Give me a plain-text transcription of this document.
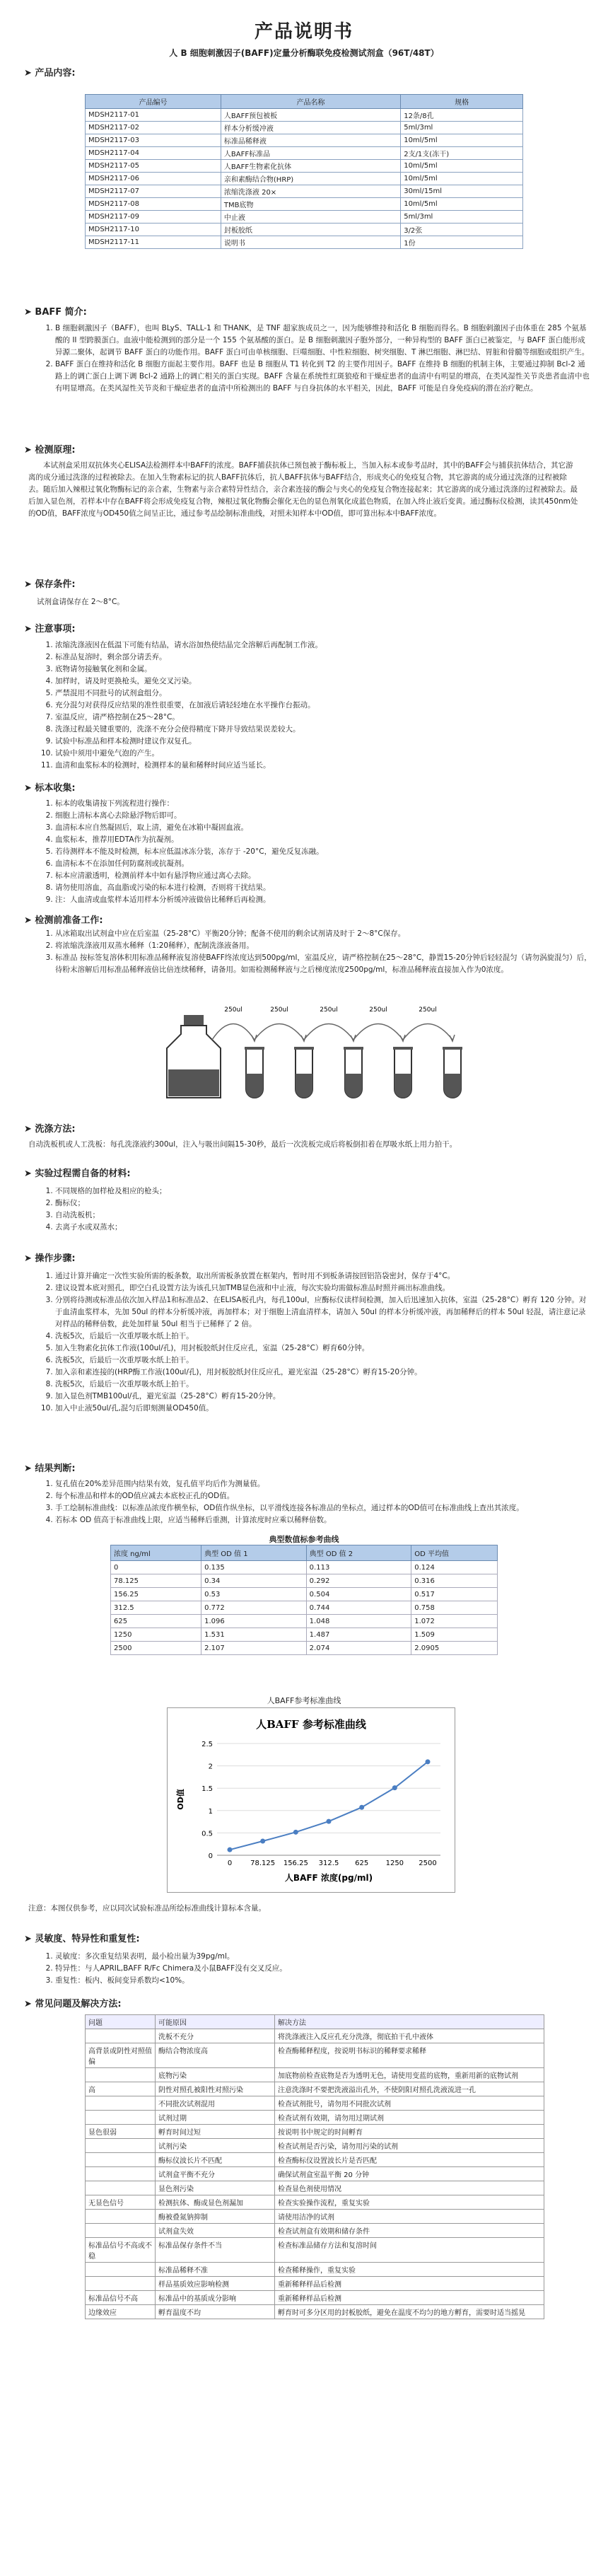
产品说明书
人 B 细胞刺激因子(BAFF)定量分析酶联免疫检测试剂盒（96T/48T）
➤ 产品内容:
产品编号	产品名称	规格
MDSH2117-01	人BAFF预包被板	12条/8孔
MDSH2117-02	样本分析缓冲液	5ml/3ml
MDSH2117-03	标准品稀释液	10ml/5ml
MDSH2117-04	人BAFF标准品	2支/1支(冻干)
MDSH2117-05	人BAFF生物素化抗体	10ml/5ml
MDSH2117-06	亲和素酶结合物(HRP)	10ml/5ml
MDSH2117-07	浓缩洗涤液 20×	30ml/15ml
MDSH2117-08	TMB底物	10ml/5ml
MDSH2117-09	中止液	5ml/3ml
MDSH2117-10	封板胶纸	3/2张
MDSH2117-11	说明书	1份
➤ BAFF 简介:
1. B 细胞刺激因子（BAFF），也叫 BLyS、TALL-1 和 THANK，是 TNF 超家族成员之一，因为能够维持和活化 B 细胞而得名。B 细胞刺激因子由体重在 285 个氨基酸的 II 型跨膜蛋白。血液中能检测到的部分是一个 155 个氨基酸的蛋白。是 B 细胞刺激因子胞外部分，一种异构型的 BAFF 蛋白已被鉴定，与 BAFF 蛋白能形成异源二聚体，起调节 BAFF 蛋白的功能作用。BAFF 蛋白可由单核细胞、巨噬细胞、中性粒细胞、树突细胞、T 淋巴细胞、淋巴结、胃脏和骨髓等细胞或组织产生。
2. BAFF 蛋白在维持和活化 B 细胞方面起主要作用。BAFF 也是 B 细胞从 T1 转化到 T2 的主要作用因子。BAFF 在维持 B 细胞的机制主体，主要通过抑制 Bcl-2 通路上的调亡蛋白上调下调 Bcl-2 通路上的调亡相关的蛋白实现。BAFF 含量在系统性红斑狼疮和干燥症患者的血清中有明显的增高，在类风湿性关节炎患者血清中也有明显增高。在类风湿性关节炎和干燥症患者的血清中所检测出的 BAFF 与自身抗体的水平相关，因此，BAFF 可能是自身免疫病的潜在治疗靶点。
➤ 检测原理:
本试剂盒采用双抗体夹心ELISA法检测样本中BAFF的浓度。BAFF捕获抗体已预包被于酶标板上，当加入标本或参考品时，其中的BAFF会与捕获抗体结合，其它游离的成分通过洗涤的过程被除去。在加入生物素标记的抗人BAFF抗体后，抗人BAFF抗体与BAFF结合，形成夹心的免疫复合物，其它游离的成分通过洗涤的过程被除去。随后加入辣根过氧化物酶标记的亲合素，生物素与亲合素特异性结合，亲合素连接的酶会与夹心的免疫复合物连接起来；其它游离的成分通过洗涤的过程被除去。最后加入显色剂，若样本中存在BAFF将会形成免疫复合物，辣根过氧化物酶会催化无色的显色剂氧化成蓝色物质，在加入终止液后变黄。通过酶标仪检测，读其450nm处的OD值，BAFF浓度与OD450值之间呈正比，通过参考品绘制标准曲线，对照未知样本中OD值，即可算出标本中BAFF浓度。
➤ 保存条件:
试剂盒请保存在 2～8°C。
➤ 注意事项:
1. 浓缩洗涤液因在低温下可能有结晶，请水浴加热使结晶完全溶解后再配制工作液。
2. 标准品复溶时，剩余部分请丢弃。
3. 底物请勿接触氧化剂和金属。
4. 加样时，请及时更换枪头，避免交叉污染。
5. 严禁混用不同批号的试剂盒组分。
6. 充分混匀对获得反应结果的准性很重要，在加液后请轻轻地在水平操作台振动。
7. 室温反应，请严格控制在25～28°C。
8. 洗涤过程最关键重要的，洗涤不充分会使得精度下降并导致结果误差较大。
9. 试验中标准品和样本检测时建议作双复孔。
10. 试验中须用中避免气泡的产生。
11. 血清和血浆标本的检测时，检测样本的量和稀释时间应适当延长。
➤ 标本收集:
1. 标本的收集请按下列流程进行操作：
2. 细胞上清标本离心去除悬浮物后即可。
3. 血清标本应自然凝固后，取上清，避免在冰箱中凝固血液。
4. 血浆标本，推荐用EDTA作为抗凝剂。
5. 若待测样本不能及时检测，标本应低温冰冻分装，冻存于 -20°C，避免反复冻融。
6. 血清标本不在添加任何防腐剂或抗凝剂。
7. 标本应清澈透明，检测前样本中如有悬浮物应通过离心去除。
8. 请勿使用溶血，高血脂或污染的标本进行检测，否则将干扰结果。
9. 注：人血清或血浆样本适用样本分析缓冲液做倍比稀释后再检测。
➤ 检测前准备工作:
1. 从冰箱取出试剂盒中应在后室温（25-28°C）平衡20分钟；配备不使用的剩余试剂请及时于 2～8°C保存。
2. 将浓缩洗涤液用双蒸水稀释（1:20稀释），配制洗涤液备用。
3. 标准品 按标签复溶体积用标准品稀释液复溶使BAFF终浓度达到500pg/ml，室温反应，请严格控制在25～28°C，静置15-20分钟后轻轻混匀（请勿涡旋混匀）后，待粉末溶解后用标准品稀释液倍比倍连续稀释，请备用。如需检测稀释液与之后梯度浓度2500pg/ml，标准品稀释液直接加入作为0浓度。
250ul	250ul	250ul	250ul	250ul
➤ 洗涤方法:
自动洗板机或人工洗板：每孔洗涤液约300ul，注入与吸出间隔15-30秒，最后一次洗板完成后将板倒扣着在厚吸水纸上用力拍干。
➤ 实验过程需自备的材料:
1. 不同规格的加样枪及相应的枪头；
2. 酶标仪；
3. 自动洗板机；
4. 去离子水或双蒸水；
➤ 操作步骤:
1. 通过计算并确定一次性实验所需的板条数，取出所需板条放置在框架内，暂时用不到板条请按回铝箔袋密封，保存于4°C。
2. 建议设置本底对照孔，即空白孔设置方法为该孔只加TMB显色液和中止液，每次实验均需做标准品时照并画出标准曲线。
3. 分别将待测或标准品依次加入样品1和标准品2、在ELISA板孔内，每孔100ul，应酶标仪读样间检测，加入后迅速加入抗体，室温（25-28°C）孵育 120 分钟。对于血清血浆样本，先加 50ul 的样本分析缓冲液，再加样本；对于细胞上清血清样本，请加入 50ul 的样本分析缓冲液，再加稀释后的样本 50ul 轻混，请注意记录对样品的稀释倍数，此处加样量 50ul 相当于已稀释了 2 倍。
4. 洗板5次，后最后一次重厚吸水纸上拍干。
5. 加入生物素化抗体工作液(100ul/孔)，用封板胶纸封住反应孔，室温（25-28°C）孵育60分钟。
6. 洗板5次，后最后一次重厚吸水纸上拍干。
7. 加入亲和素连接的(HRP酶工作液(100ul/孔)，用封板胶纸封住反应孔，避光室温（25-28°C）孵育15-20分钟。
8. 洗板5次，后最后一次重厚吸水纸上拍干。
9. 加入显色剂TMB100ul/孔，避光室温（25-28°C）孵育15-20分钟。
10. 加入中止液50ul/孔,混匀后即刻测量OD450值。
➤ 结果判断:
1. 复孔值在20%差异范围内结果有效，复孔值平均后作为测量值。
2. 每个标准品和样本的OD值应减去本底校正孔的OD值。
3. 手工绘制标准曲线：以标准品浓度作横坐标，OD值作纵坐标，以平滑线连接各标准品的坐标点，通过样本的OD值可在标准曲线上查出其浓度。
4. 若标本 OD 值高于标准曲线上限，应适当稀释后重测，计算浓度时应乘以稀释倍数。
典型数值标参考曲线
浓度 ng/ml	典型 OD 值 1	典型 OD 值 2	OD 平均值
0	0.135	0.113	0.124
78.125	0.34	0.292	0.316
156.25	0.53	0.504	0.517
312.5	0.772	0.744	0.758
625	1.096	1.048	1.072
1250	1.531	1.487	1.509
2500	2.107	2.074	2.0905
人BAFF参考标准曲线
人BAFF 参考标准曲线
0
0.5
1
1.5
2
2.5
0	78.125 156.25 312.5 625 1250 2500
OD值
人BAFF 浓度(pg/ml)
注意：本图仅供参考，应以同次试验标准品所绘标准曲线计算标本含量。
➤ 灵敏度、特异性和重复性:
1. 灵敏度：多次重复结果表明，最小检出量为39pg/ml。
2. 特异性：与人APRIL,BAFF R/Fc Chimera及小鼠BAFF没有交叉反应。
3. 重复性：板内、板间变异系数均<10%。
➤ 常见问题及解决方法:
问题	可能原因	解决方法
	洗板不充分	将洗涤液注入反应孔充分洗涤，彻底拍干孔中液体
高背景或阴性对照值偏	酶结合物浓度高	检查酶稀释程度，按说明书标识的稀释要求稀释
	底物污染	加底物前检查底物是否为透明无色，请使用变蓝的底物，重新用新的底物试剂
高	阴性对照孔被阳性对照污染	注意洗涤时不要把洗液溢出孔外，不使阴阳对照孔洗液流进一孔
	不同批次试剂混用	检查试剂批号，请勿用不同批次试剂
	试剂过期	检查试剂有效期，请勿用过期试剂
显色很弱	孵育时间过短	按说明书中规定的时间孵育
	试剂污染	检查试剂是否污染，请勿用污染的试剂
	酶标仪波长片不匹配	检查酶标仪设置波长片是否匹配
	试剂盒平衡不充分	确保试剂盒室温平衡 20 分钟
	显色剂污染	检查显色剂使用情况
无显色信号	检测抗体、酶或显色剂漏加	检查实验操作流程，重复实验
	酶被叠氮钠抑制	请使用洁净的试剂
	试剂盒失效	检查试剂盒有效期和储存条件
标准品信号不高或不稳	标准品保存条件不当	检查标准品储存方法和复溶时间
	标准品稀释不准	检查稀释操作，重复实验
	样品基质效应影响检测	重新稀释样品后检测
标准品信号不高	标准品中的基质成分影响	重新稀释样品后检测
边缘效应	孵育温度不均	孵育时可多分区用的封板胶纸，避免在温度不均匀的地方孵育，需要时适当摇晃
